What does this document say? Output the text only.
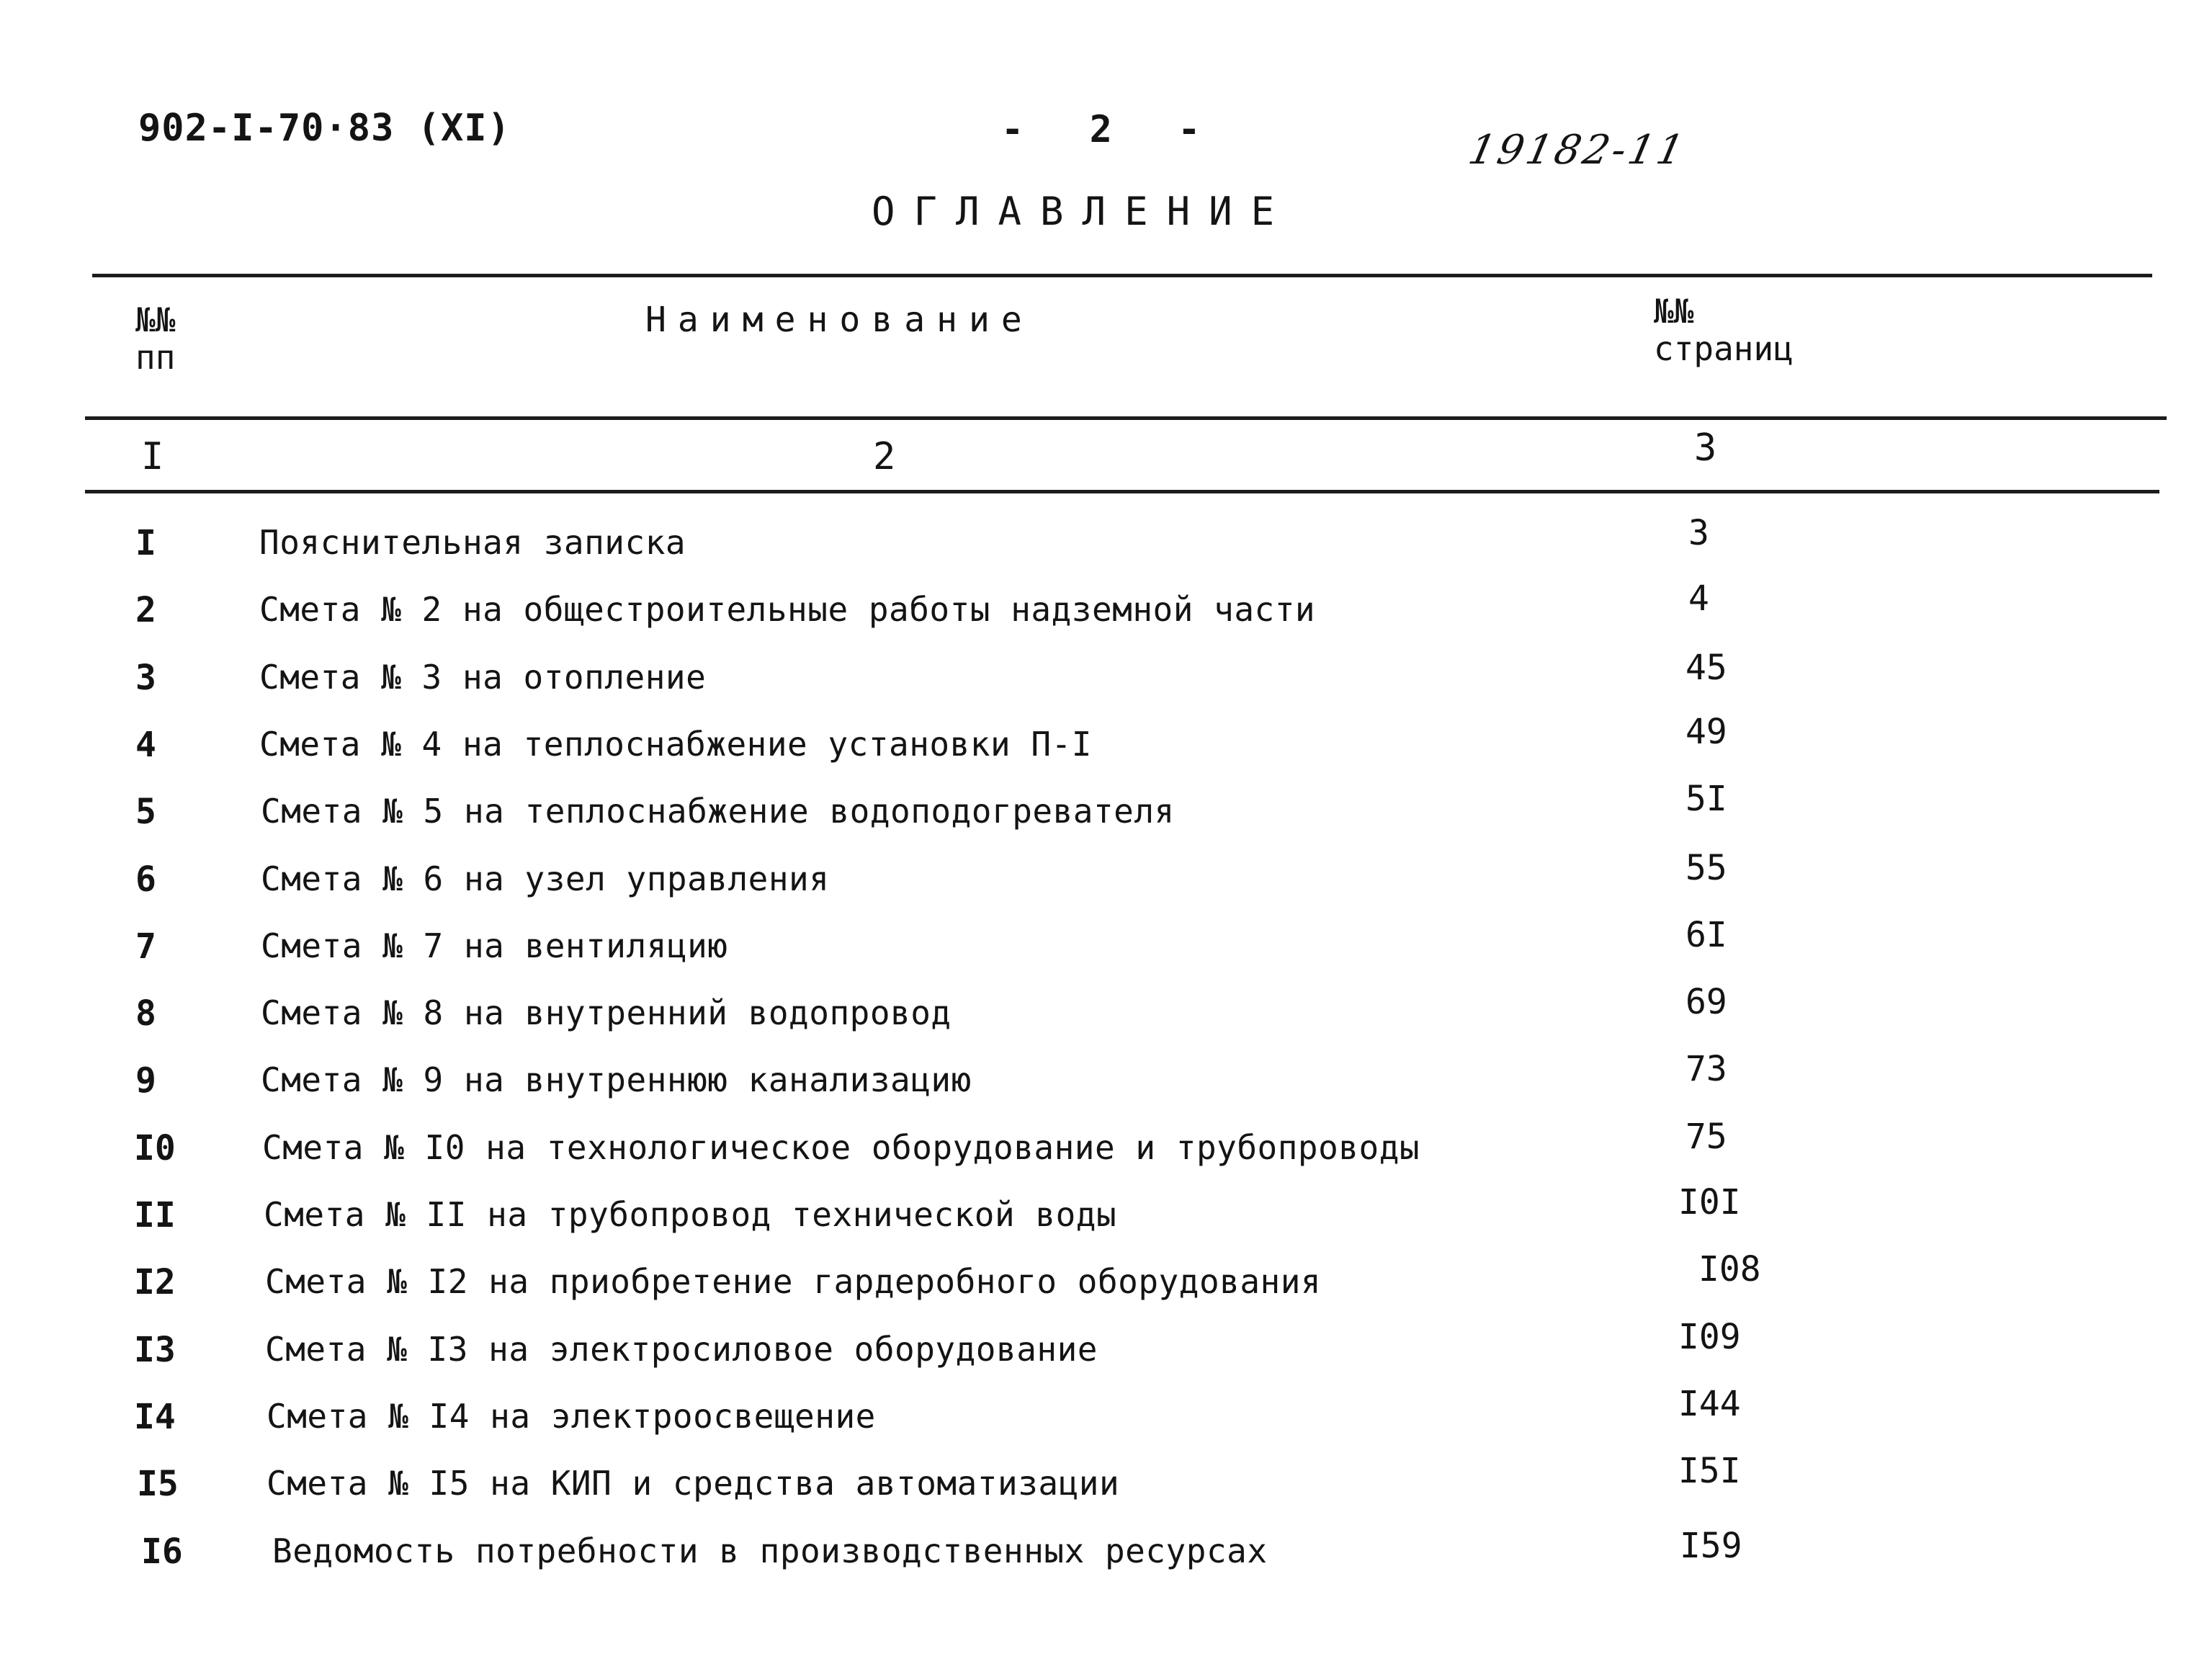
902-I-70·83 (XI)	- 2 -	19182-11
ОГЛАВЛЕНИЕ
№№
пп
Наименование	№№
страниц
I	2	3
I	Пояснительная записка	3
2	Смета № 2 на общестроительные работы надземной части	4
3	Смета № 3 на отопление	45
4	Смета № 4 на теплоснабжение установки П-I	49
5	Смета № 5 на теплоснабжение водоподогревателя	5I
6	Смета № 6 на узел управления	55
7	Смета № 7 на вентиляцию	6I
8	Смета № 8 на внутренний водопровод	69
9	Смета № 9 на внутреннюю канализацию	73
I0	Смета № I0 на технологическое оборудование и трубопроводы	75
II	Смета № II на трубопровод технической воды	I0I
I2	Смета № I2 на приобретение гардеробного оборудования	I08
I3	Смета № I3 на электросиловое оборудование	I09
I4	Смета № I4 на электроосвещение	I44
I5	Смета № I5 на КИП и средства автоматизации	I5I
I6	Ведомость потребности в производственных ресурсах	I59
